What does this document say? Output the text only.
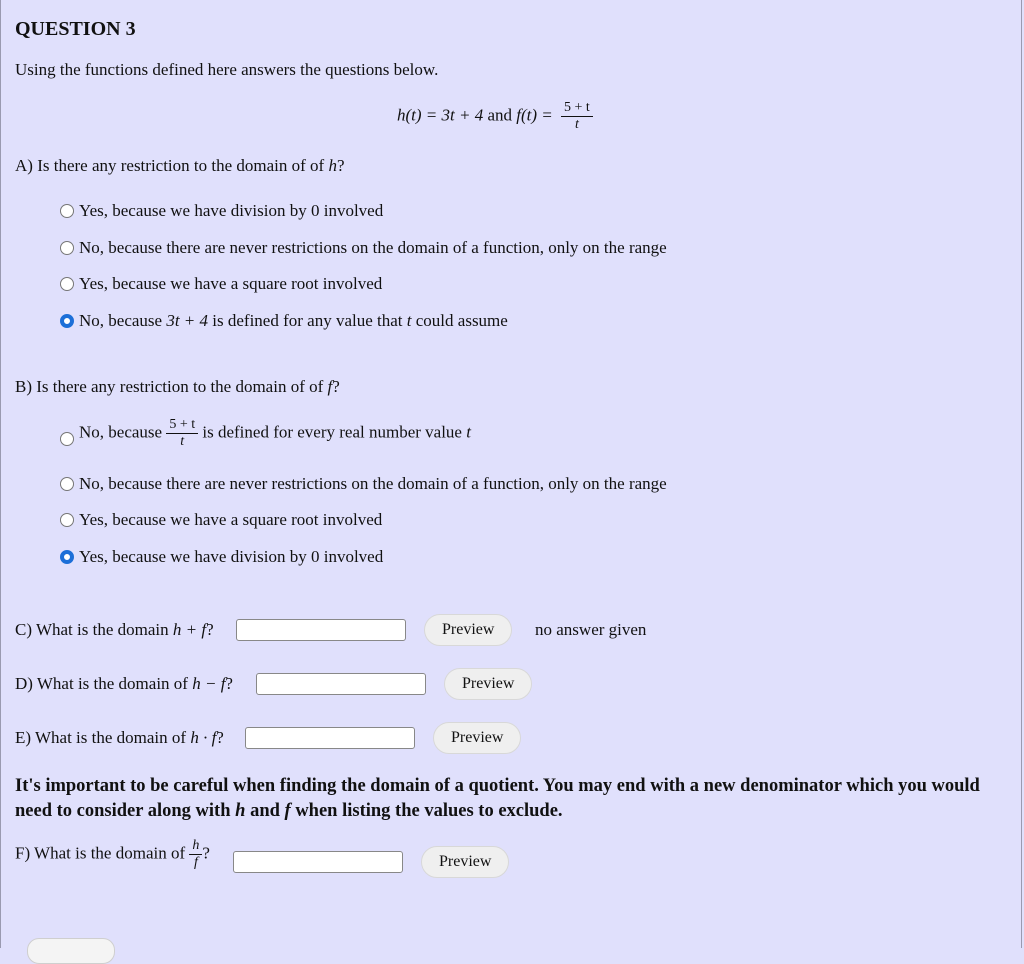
QUESTION 3
Using the functions defined here answers the questions below.
h(t) = 3t + 4 and $f(t) = \frac{5 + t}{t}$
A) Is there any restriction to the domain of of h?
Yes, because we have division by 0 involved
No, because there are never restrictions on the domain of a function, only on the range
Yes, because we have a square root involved
No, because 3t + 4 is defined for any value that t could assume
B) Is there any restriction to the domain of of f?
No, because $\frac{5 + t}{t}$ is defined for every real number value t
No, because there are never restrictions on the domain of a function, only on the range
Yes, because we have a square root involved
Yes, because we have division by 0 involved
C) What is the domain h + f?	Preview	no answer given
D) What is the domain of h − f?	Preview
E) What is the domain of h · f?	Preview
It's important to be careful when finding the domain of a quotient. You may end with a new denominator which you would need to consider along with h and f when listing the values to exclude.
F) What is the domain of $\frac{h}{f}$ ?	Preview
